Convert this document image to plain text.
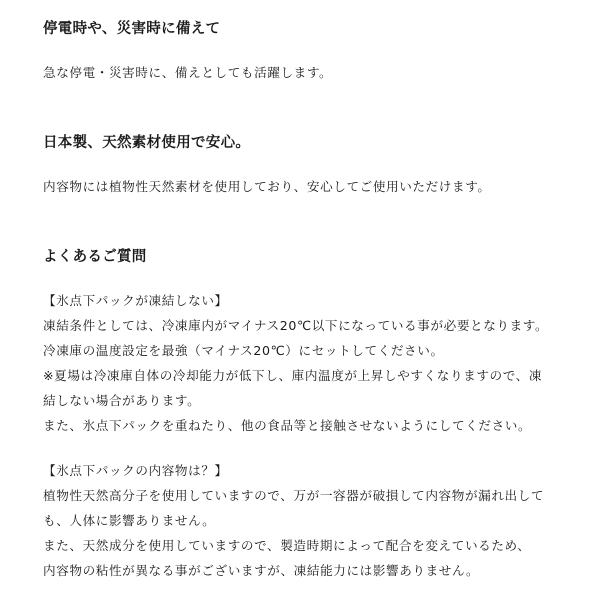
停電時や、災害時に備えて
急な停電・災害時に、備えとしても活躍します。
日本製、天然素材使用で安心。
内容物には植物性天然素材を使用しており、安心してご使用いただけます。
よくあるご質問
【氷点下パックが凍結しない】
凍結条件としては、冷凍庫内がマイナス20℃以下になっている事が必要となります。
冷凍庫の温度設定を最強（マイナス20℃）にセットしてください。
※夏場は冷凍庫自体の冷却能力が低下し、庫内温度が上昇しやすくなりますので、凍
結しない場合があります。
また、氷点下パックを重ねたり、他の食品等と接触させないようにしてください。
【氷点下パックの内容物は？】
植物性天然高分子を使用していますので、万が一容器が破損して内容物が漏れ出して
も、人体に影響ありません。
また、天然成分を使用していますので、製造時期によって配合を変えているため、
内容物の粘性が異なる事がございますが、凍結能力には影響ありません。
